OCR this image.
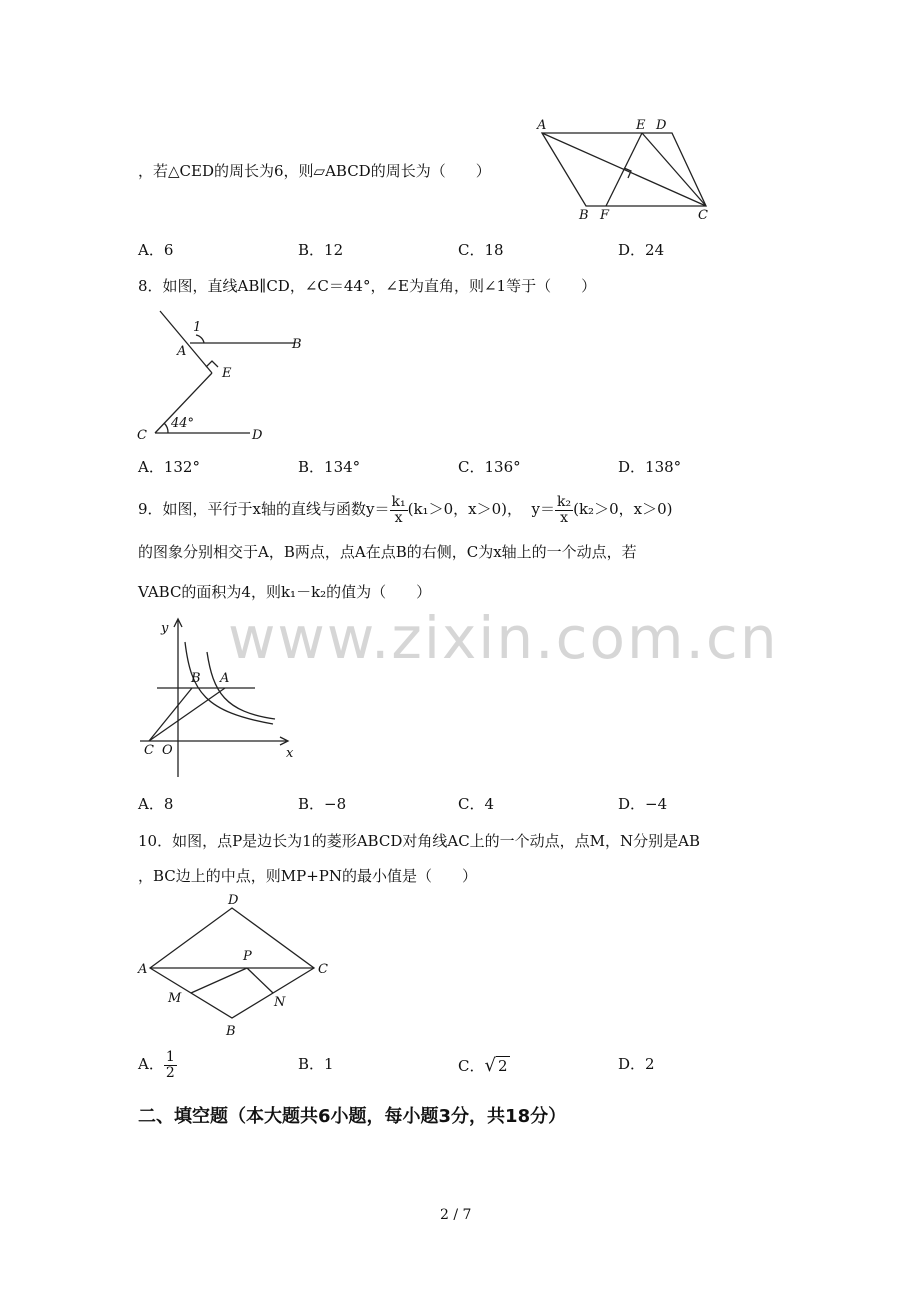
，若△CED的周长为6，则▱ABCD的周长为（　　）
A	E D
B F	C
A．6	B．12	C．18	D．24
8．如图，直线AB∥CD，∠C＝44°，∠E为直角，则∠1等于（　　）
1
A	B
E
44°
C	D
A．132°	B．134°	C．136°	D．138°
9．如图，平行于x轴的直线与函数$y= \frac{\text{k₁}}{x} (k_1>0$，x＞0)， $y= \frac{\text{k₂}}{x} (k_2>0$，x＞0)
的图象分别相交于A，B两点，点A在点B的右侧，C为x轴上的一个动点，若
VABC的面积为4，则k₁－k₂的值为（　　）
www.zixin.com.cn
y
B A
C O	x
A．8	B．−8	C．4	D．−4
10．如图，点P是边长为1的菱形ABCD对角线AC上的一个动点，点M，N分别是AB
，BC边上的中点，则MP+PN的最小值是（　　）
D
A
P
C
M	N
B
A． $\frac{1}{2}$	B．1	C．√ 2	D．2
二、填空题（本大题共6小题，每小题3分，共18分）
2 / 7
